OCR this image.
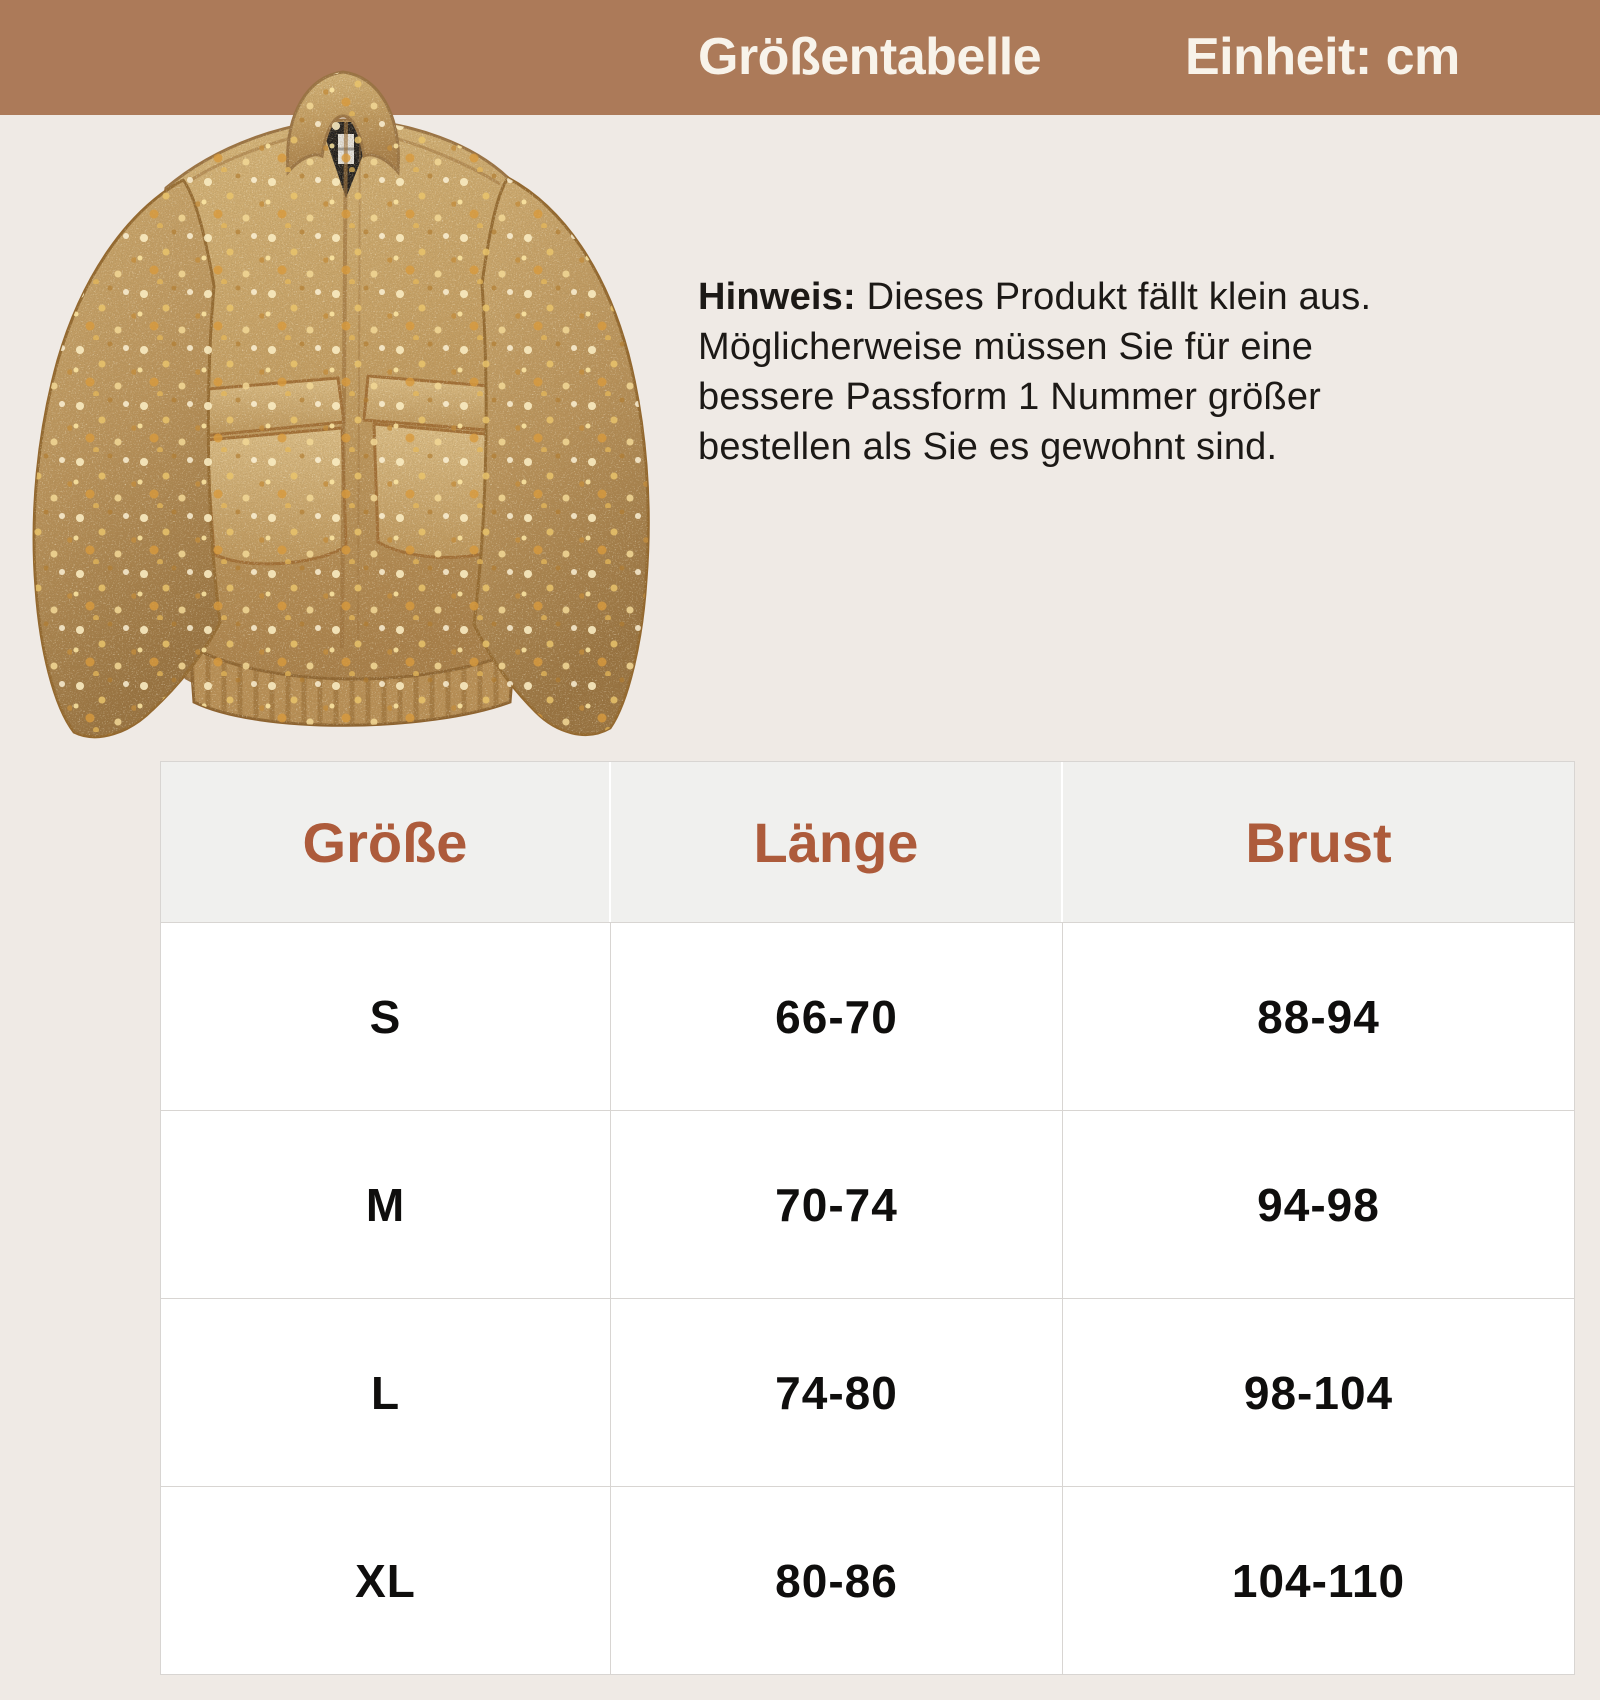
Größentabelle	Einheit: cm
Hinweis: Dieses Produkt fällt klein aus.
Möglicherweise müssen Sie für eine
bessere Passform 1 Nummer größer
bestellen als Sie es gewohnt sind.
Größe	Länge	Brust
S	66-70	88-94
M	70-74	94-98
L	74-80	98-104
XL	80-86	104-110
